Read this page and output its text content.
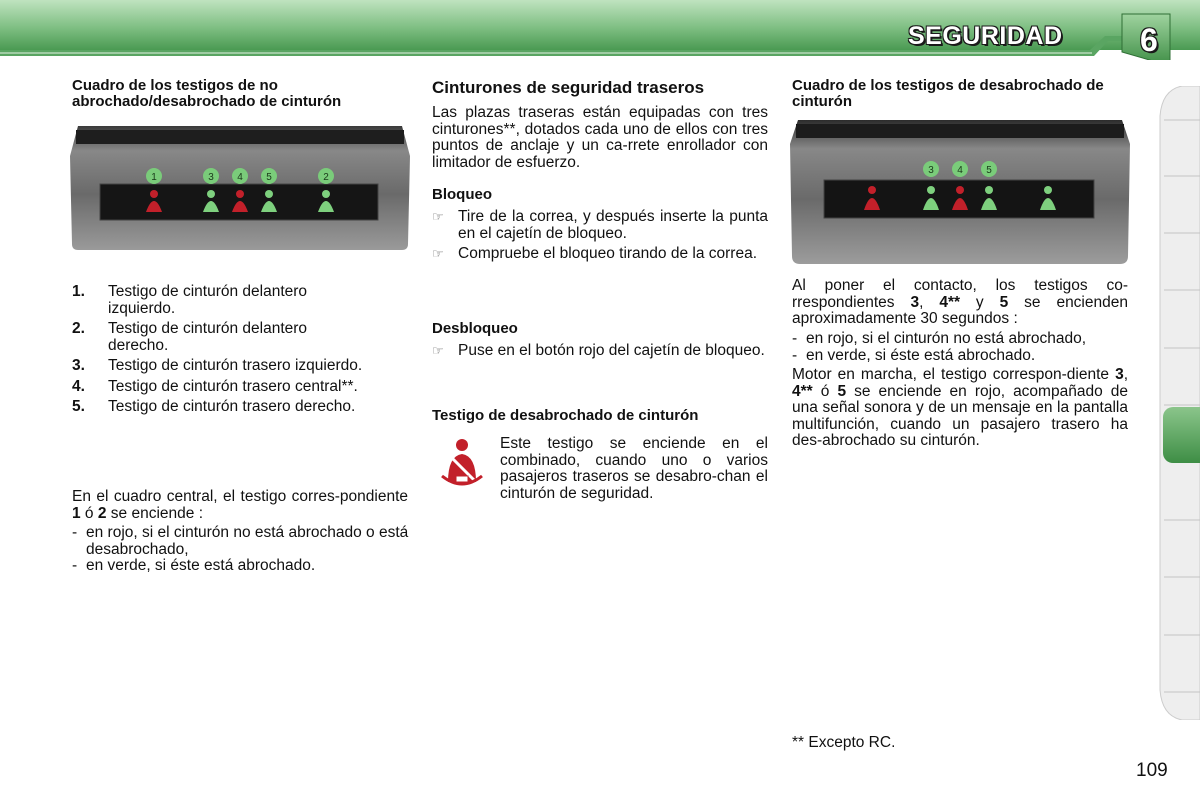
SEGURIDAD 6
Cuadro de los testigos de no abrochado/desabrochado de cinturón
1	3 4 5	2
1.	Testigo de cinturón delantero izquierdo.
2.	Testigo de cinturón delantero derecho.
3.	Testigo de cinturón trasero izquierdo.
4.	Testigo de cinturón trasero central**.
5.	Testigo de cinturón trasero derecho.

En el cuadro central, el testigo corres-pondiente 1 ó 2 se enciende :

- en rojo, si el cinturón no está abrochado o está desabrochado,
- en verde, si éste está abrochado.
Cinturones de seguridad traseros

Las plazas traseras están equipadas con tres cinturones**, dotados cada uno de ellos con tres puntos de anclaje y un ca-rrete enrollador con limitador de esfuerzo.

Bloqueo
☞ Tire de la correa, y después inserte la punta en el cajetín de bloqueo.
☞ Compruebe el bloqueo tirando de la correa.
Desbloqueo
☞ Puse en el botón rojo del cajetín de bloqueo.
Testigo de desabrochado de cinturón

Este testigo se enciende en el combinado, cuando uno o varios pasajeros traseros se desabro-chan el cinturón de seguridad.

Cuadro de los testigos de desabrochado de cinturón
3 4 5

Al poner el contacto, los testigos co-rrespondientes 3, 4** y 5 se encienden aproximadamente 30 segundos :

- en rojo, si el cinturón no está abrochado,
- en verde, si éste está abrochado.

Motor en marcha, el testigo correspon-diente 3, 4** ó 5 se enciende en rojo, acompañado de una señal sonora y de un mensaje en la pantalla multifunción, cuando un pasajero trasero ha des-abrochado su cinturón.

** Excepto RC.

109
